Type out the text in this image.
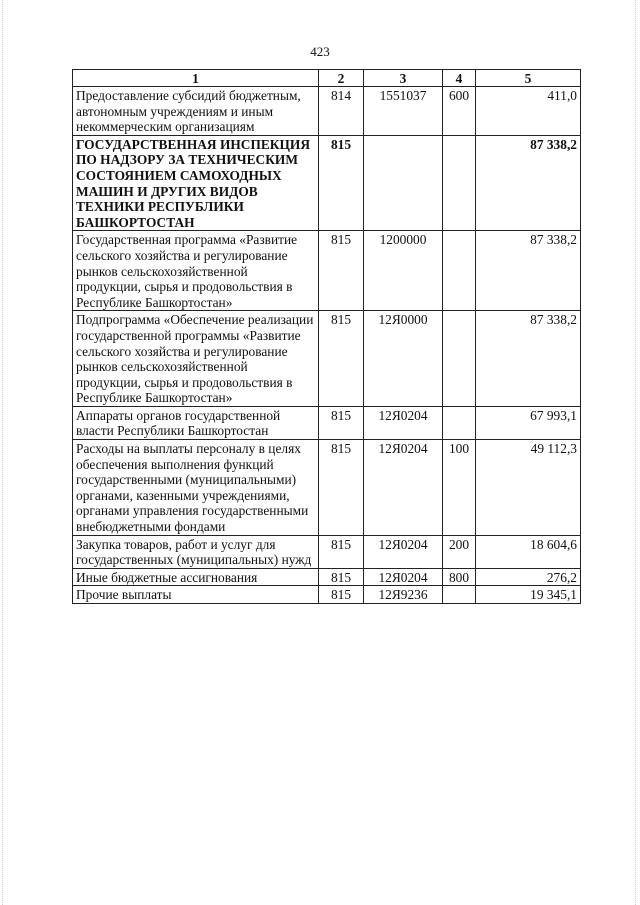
423
1	2	3	4	5
Предоставление субсидий бюджетным, автономным учреждениям и иным некоммерческим организациям	814	1551037	600	411,0
ГОСУДАРСТВЕННАЯ ИНСПЕКЦИЯ ПО НАДЗОРУ ЗА ТЕХНИЧЕСКИМ СОСТОЯНИЕМ САМОХОДНЫХ МАШИН И ДРУГИХ ВИДОВ ТЕХНИКИ РЕСПУБЛИКИ БАШКОРТОСТАН	815			87 338,2
Государственная программа «Развитие сельского хозяйства и регулирование рынков сельскохозяйственной продукции, сырья и продовольствия в Республике Башкортостан»	815	1200000		87 338,2
Подпрограмма «Обеспечение реализации государственной программы «Развитие сельского хозяйства и регулирование рынков сельскохозяйственной продукции, сырья и продовольствия в Республике Башкортостан»	815	12Я0000		87 338,2
Аппараты органов государственной власти Республики Башкортостан	815	12Я0204		67 993,1
Расходы на выплаты персоналу в целях обеспечения выполнения функций государственными (муниципальными) органами, казенными учреждениями, органами управления государственными внебюджетными фондами	815	12Я0204	100	49 112,3
Закупка товаров, работ и услуг для государственных (муниципальных) нужд	815	12Я0204	200	18 604,6
Иные бюджетные ассигнования	815	12Я0204	800	276,2
Прочие выплаты	815	12Я9236		19 345,1
